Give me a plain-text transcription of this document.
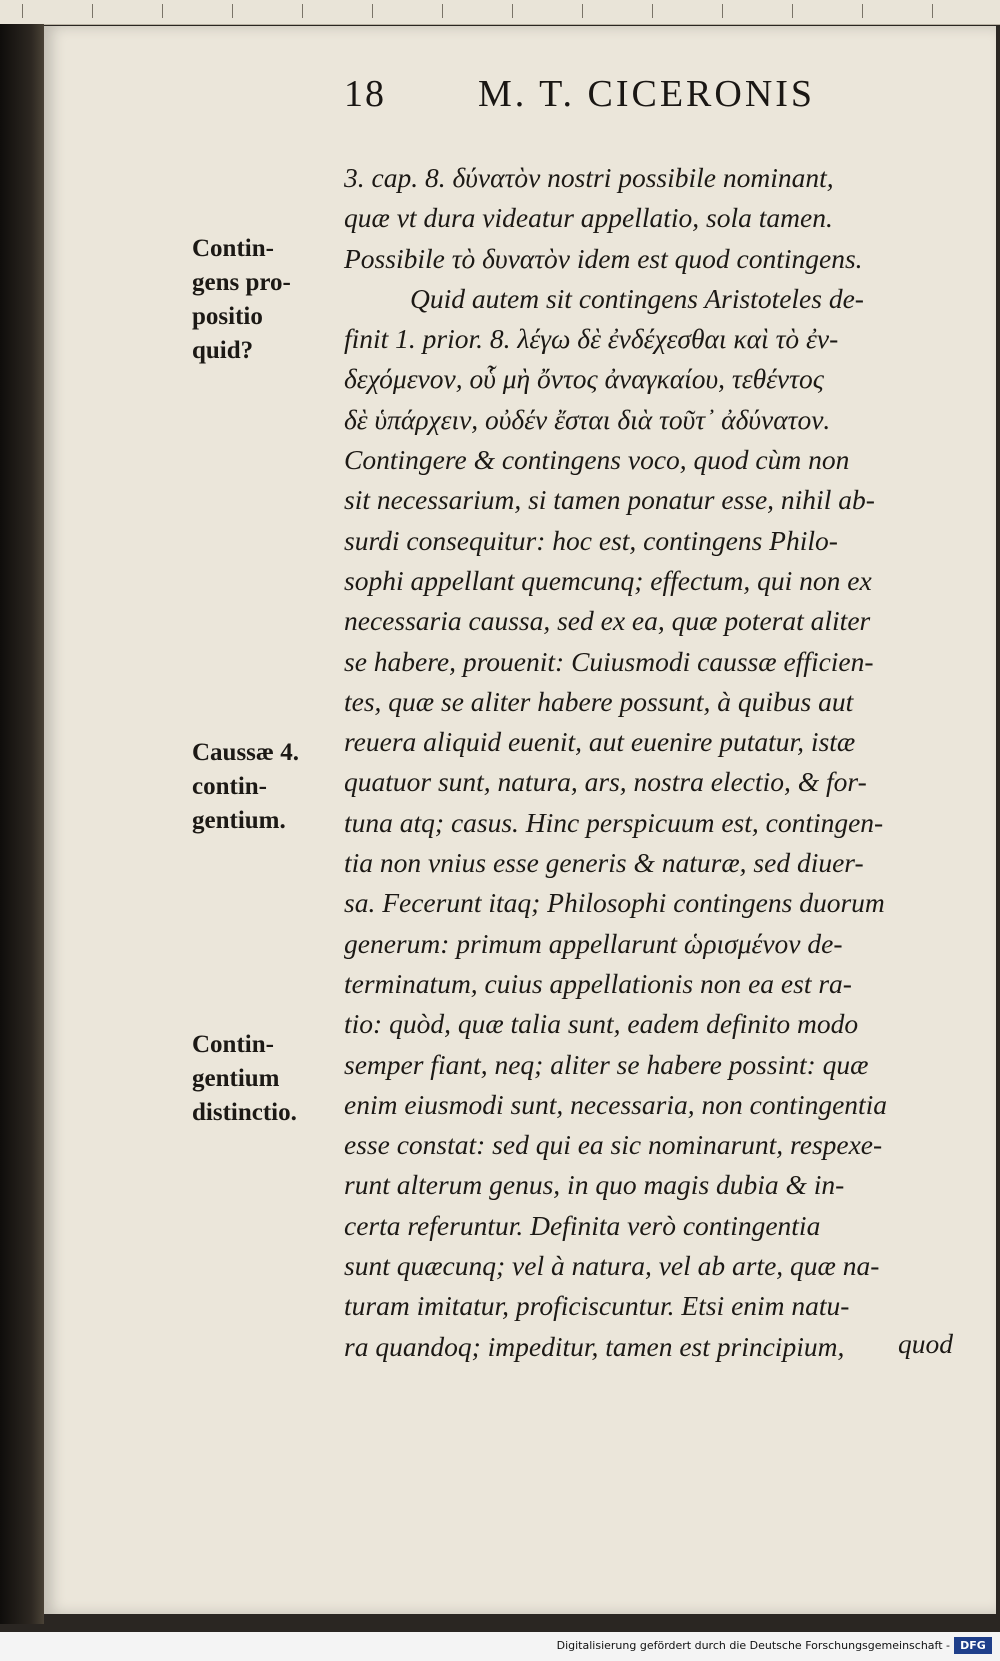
18 M. T. CICERONIS
Contin-
gens pro-
positio
quid?
Caussæ 4.
contin-
gentium.
Contin-
gentium
distinctio.
3. cap. 8. δύνατὸν nostri possibile nominant,
quæ vt dura videatur appellatio, sola tamen.
Possibile τὸ δυνατὸν idem est quod contingens.
Quid autem sit contingens Aristoteles de-
finit 1. prior. 8. λέγω δὲ ἐνδέχεσθαι καὶ τὸ ἐν-
δεχόμενον, οὗ μὴ ὄντος ἀναγκαίου, τεθέντος
δὲ ὑπάρχειν, οὐδέν ἔσται διὰ τοῦτ᾽ ἀδύνατον.
Contingere & contingens voco, quod cùm non
sit necessarium, si tamen ponatur esse, nihil ab-
surdi consequitur: hoc est, contingens Philo-
sophi appellant quemcunq; effectum, qui non ex
necessaria caussa, sed ex ea, quæ poterat aliter
se habere, prouenit: Cuiusmodi caussæ efficien-
tes, quæ se aliter habere possunt, à quibus aut
reuera aliquid euenit, aut euenire putatur, istæ
quatuor sunt, natura, ars, nostra electio, & for-
tuna atq; casus. Hinc perspicuum est, contingen-
tia non vnius esse generis & naturæ, sed diuer-
sa. Fecerunt itaq; Philosophi contingens duorum
generum: primum appellarunt ὡρισμένον de-
terminatum, cuius appellationis non ea est ra-
tio: quòd, quæ talia sunt, eadem definito modo
semper fiant, neq; aliter se habere possint: quæ
enim eiusmodi sunt, necessaria, non contingentia
esse constat: sed qui ea sic nominarunt, respexe-
runt alterum genus, in quo magis dubia & in-
certa referuntur. Definita verò contingentia
sunt quæcunq; vel à natura, vel ab arte, quæ na-
turam imitatur, proficiscuntur. Etsi enim natu-
ra quandoq; impeditur, tamen est principium,	quod
Digitalisierung gefördert durch die Deutsche Forschungsgemeinschaft - DFG
